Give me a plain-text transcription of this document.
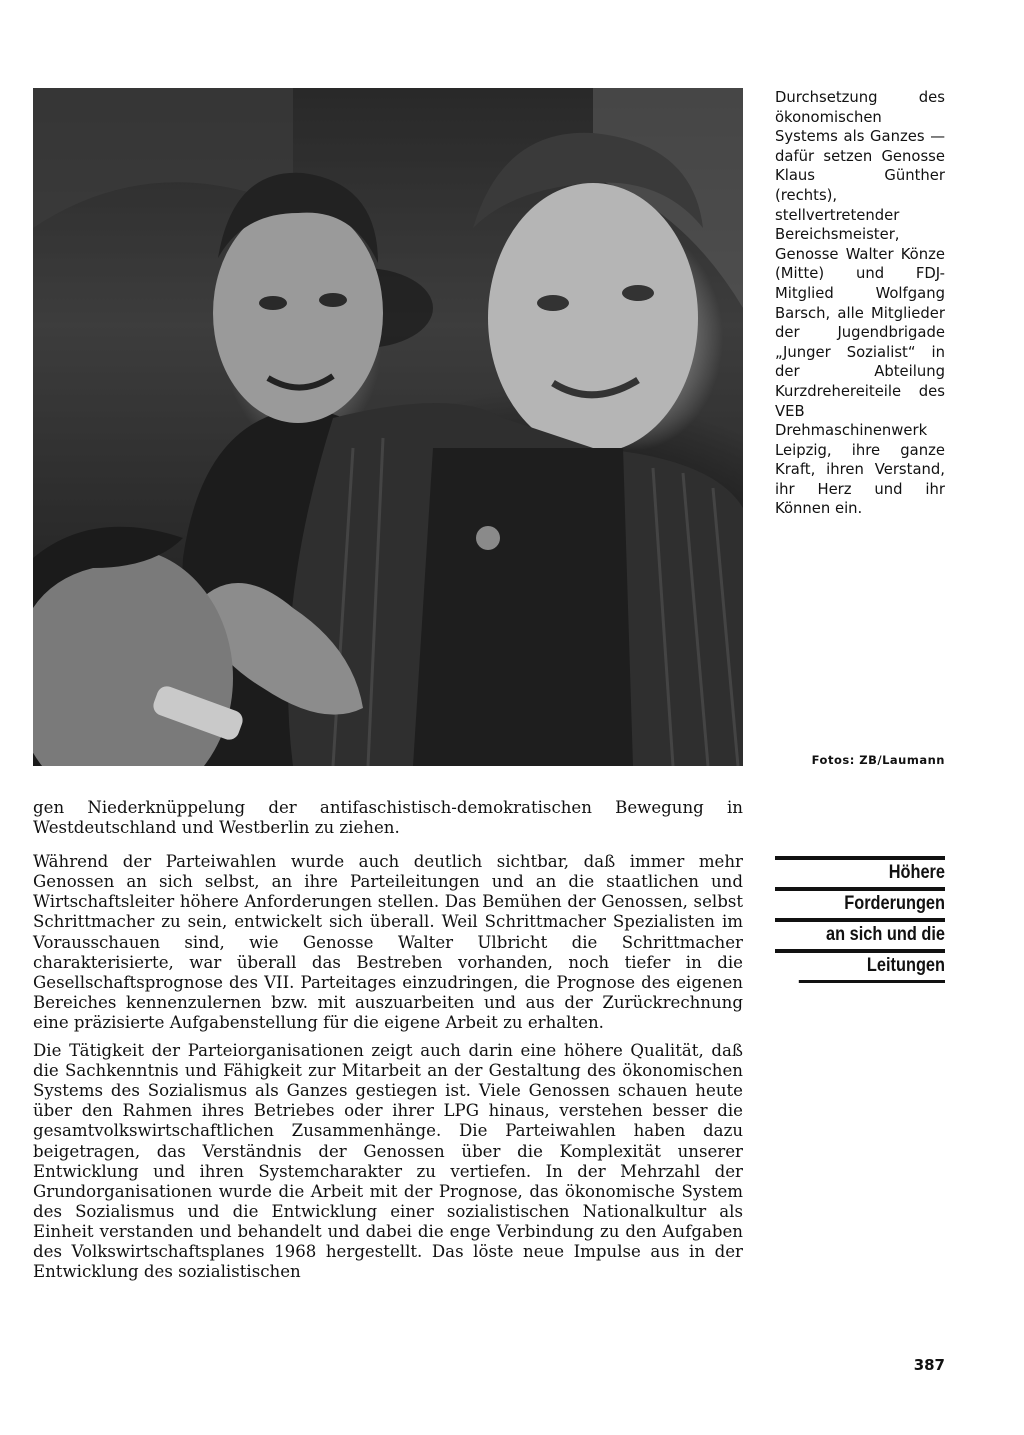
Durchsetzung des ökonomischen Systems als Ganzes — dafür setzen Genosse Klaus Günther (rechts), stellvertretender Bereichsmeister, Genosse Walter Könze (Mitte) und FDJ-Mitglied Wolfgang Barsch, alle Mitglieder der Jugendbrigade „Junger Sozialist“ in der Abteilung Kurzdrehereiteile des VEB Drehmaschinenwerk Leipzig, ihre ganze Kraft, ihren Verstand, ihr Herz und ihr Können ein.

Fotos: ZB/Laumann

gen Niederknüppelung der antifaschistisch-demokratischen Bewegung in Westdeutschland und Westberlin zu ziehen.

Während der Parteiwahlen wurde auch deutlich sichtbar, daß immer mehr Genossen an sich selbst, an ihre Parteileitungen und an die staatlichen und Wirtschaftsleiter höhere Anforderungen stellen. Das Bemühen der Genossen, selbst Schrittmacher zu sein, entwickelt sich überall. Weil Schrittmacher Spezialisten im Vorausschauen sind, wie Genosse Walter Ulbricht die Schrittmacher charakterisierte, war überall das Bestreben vorhanden, noch tiefer in die Gesellschaftsprognose des VII. Parteitages einzudringen, die Prognose des eigenen Bereiches kennenzulernen bzw. mit auszuarbeiten und aus der Zurückrechnung eine präzisierte Aufgabenstellung für die eigene Arbeit zu erhalten.

Die Tätigkeit der Parteiorganisationen zeigt auch darin eine höhere Qualität, daß die Sachkenntnis und Fähigkeit zur Mitarbeit an der Gestaltung des ökonomischen Systems des Sozialismus als Ganzes gestiegen ist. Viele Genossen schauen heute über den Rahmen ihres Betriebes oder ihrer LPG hinaus, verstehen besser die gesamtvolkswirtschaftlichen Zusammenhänge. Die Parteiwahlen haben dazu beigetragen, das Verständnis der Genossen über die Komplexität unserer Entwicklung und ihren Systemcharakter zu vertiefen. In der Mehrzahl der Grundorganisationen wurde die Arbeit mit der Prognose, das ökonomische System des Sozialismus und die Entwicklung einer sozialistischen Nationalkultur als Einheit verstanden und behandelt und dabei die enge Verbindung zu den Aufgaben des Volkswirtschaftsplanes 1968 hergestellt. Das löste neue Impulse aus in der Entwicklung des sozialistischen

Höhere
Forderungen
an sich und die
Leitungen

387
